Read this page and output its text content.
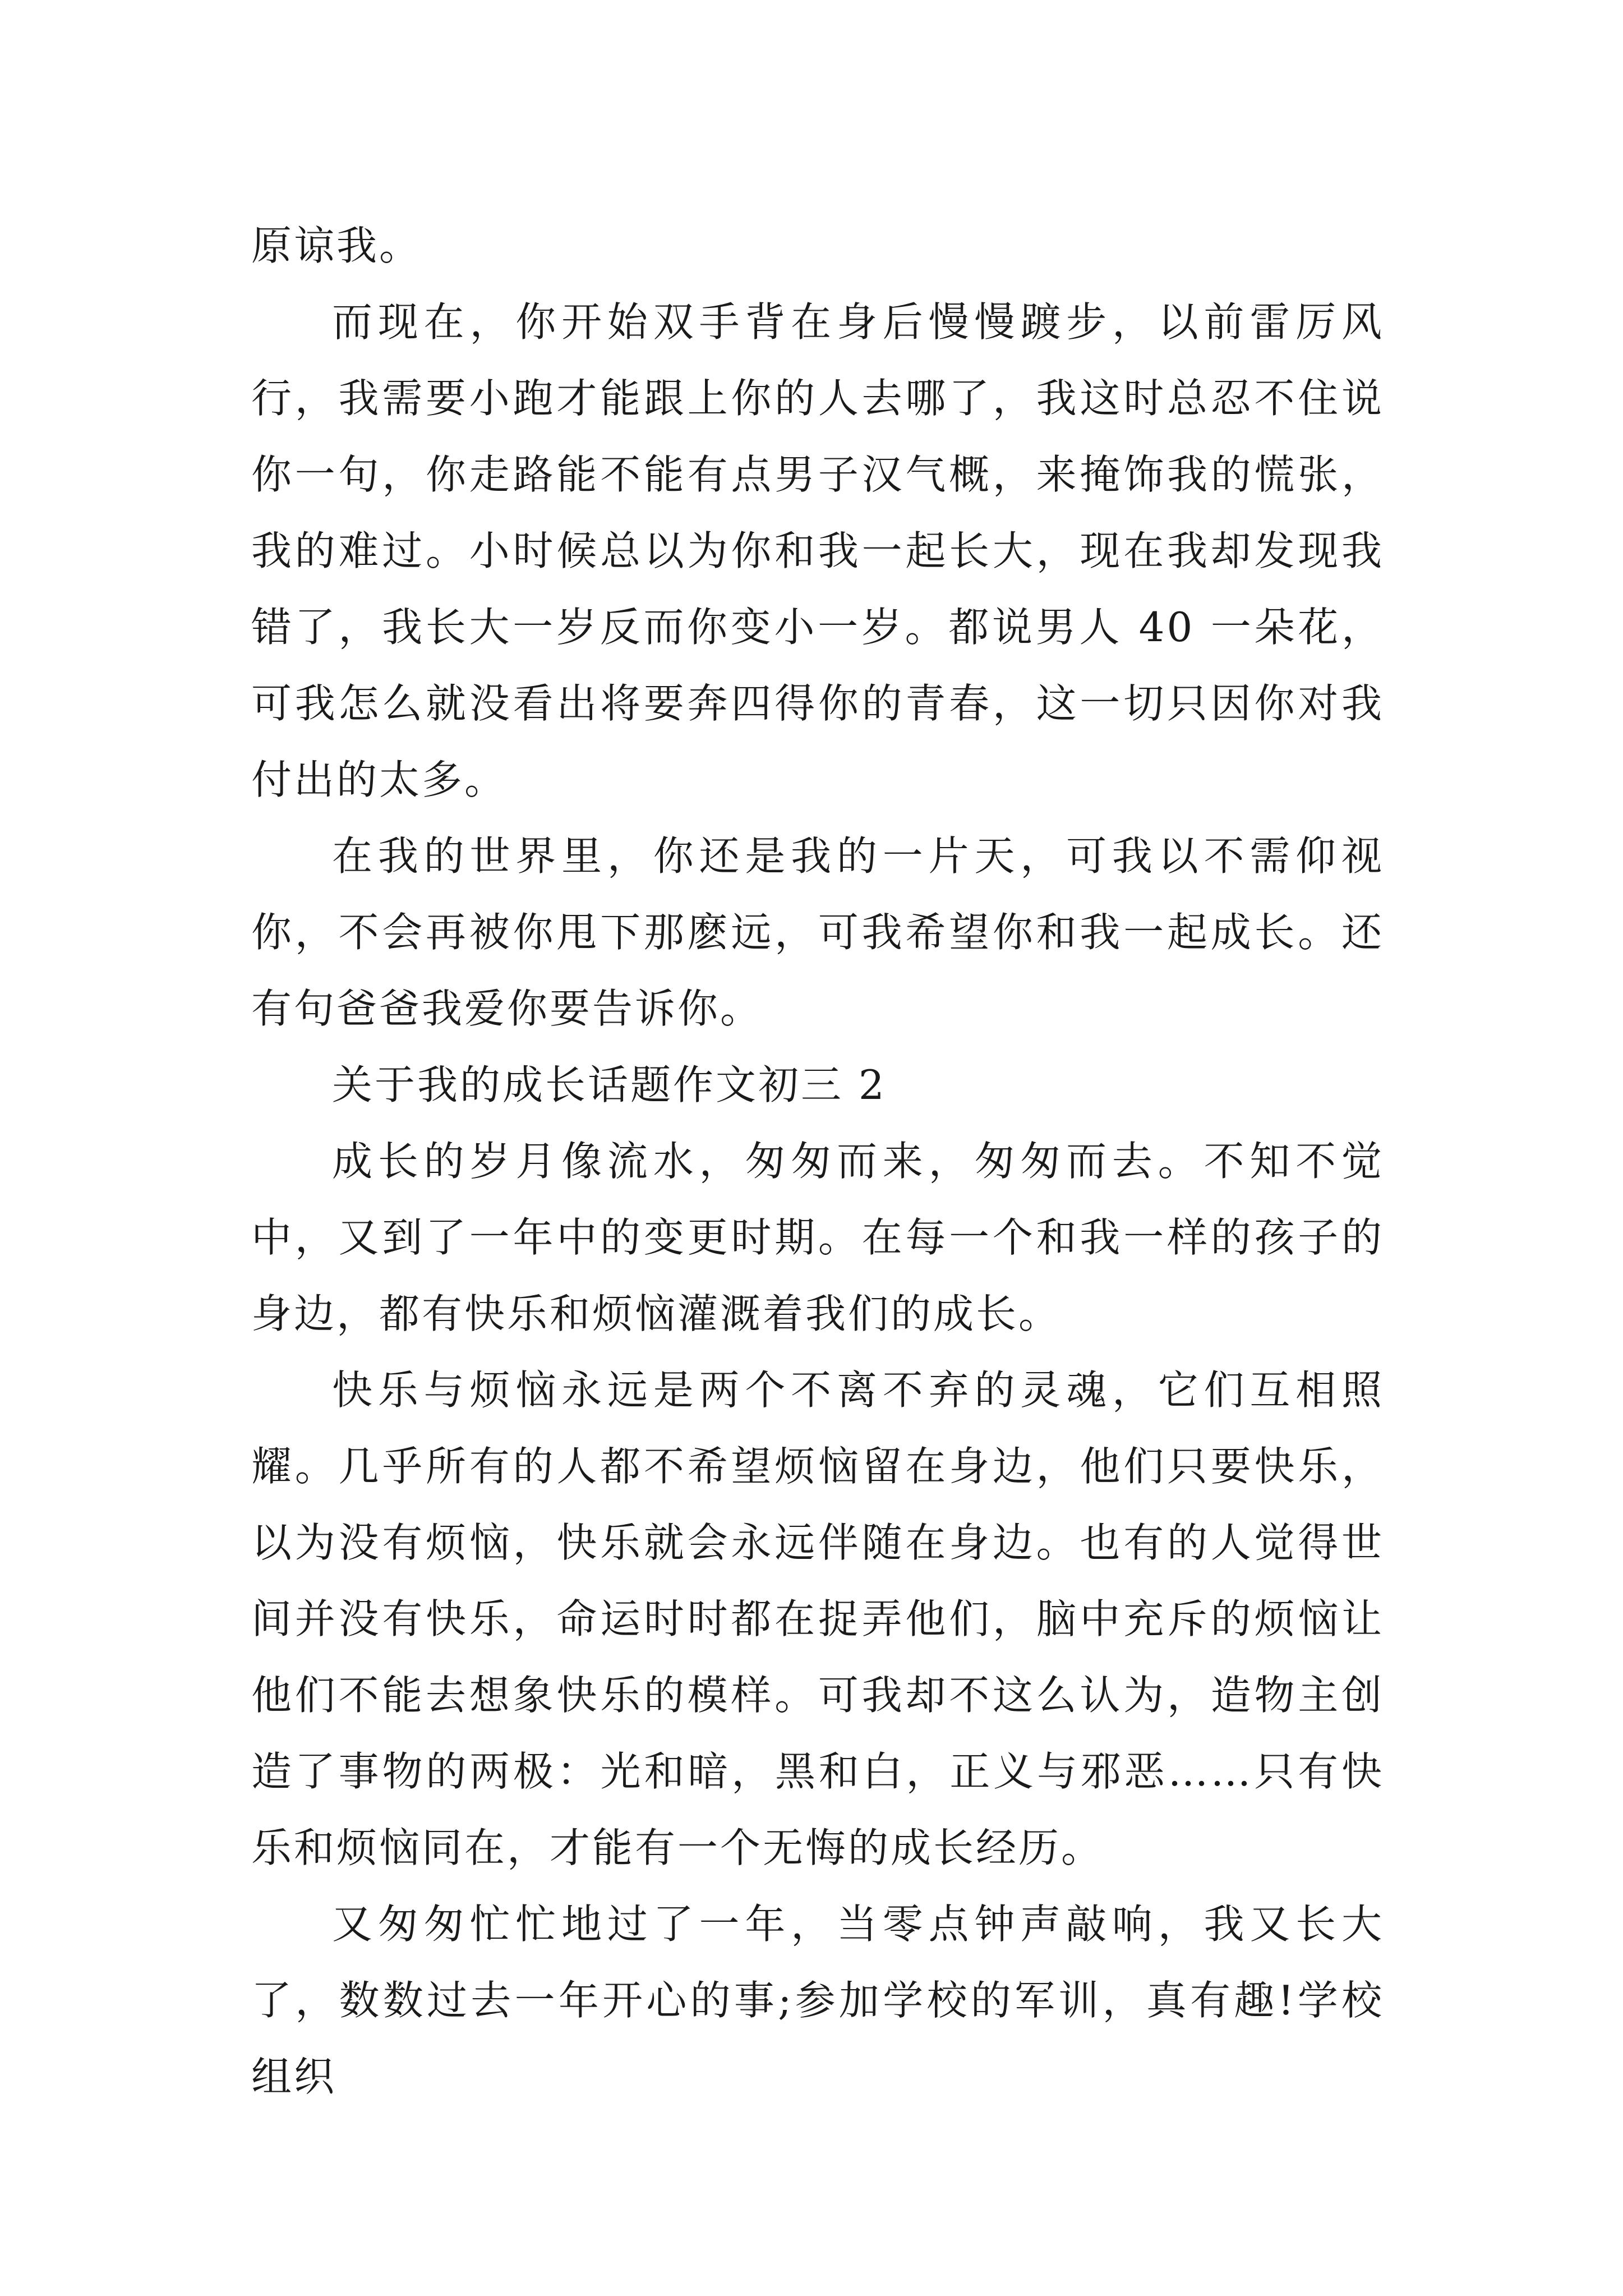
原谅我。

而现在，你开始双手背在身后慢慢踱步，以前雷厉风行，我需要小跑才能跟上你的人去哪了，我这时总忍不住说你一句，你走路能不能有点男子汉气概，来掩饰我的慌张，我的难过。小时候总以为你和我一起长大，现在我却发现我错了，我长大一岁反而你变小一岁。都说男人 40 一朵花，可我怎么就没看出将要奔四得你的青春，这一切只因你对我付出的太多。

在我的世界里，你还是我的一片天，可我以不需仰视你，不会再被你甩下那麽远，可我希望你和我一起成长。还有句爸爸我爱你要告诉你。

关于我的成长话题作文初三 2

成长的岁月像流水，匆匆而来，匆匆而去。不知不觉中，又到了一年中的变更时期。在每一个和我一样的孩子的身边，都有快乐和烦恼灌溉着我们的成长。

快乐与烦恼永远是两个不离不弃的灵魂，它们互相照耀。几乎所有的人都不希望烦恼留在身边，他们只要快乐，以为没有烦恼，快乐就会永远伴随在身边。也有的人觉得世间并没有快乐，命运时时都在捉弄他们，脑中充斥的烦恼让他们不能去想象快乐的模样。可我却不这么认为，造物主创造了事物的两极：光和暗，黑和白，正义与邪恶……只有快乐和烦恼同在，才能有一个无悔的成长经历。

又匆匆忙忙地过了一年，当零点钟声敲响，我又长大了，数数过去一年开心的事;参加学校的军训，真有趣!学校组织
